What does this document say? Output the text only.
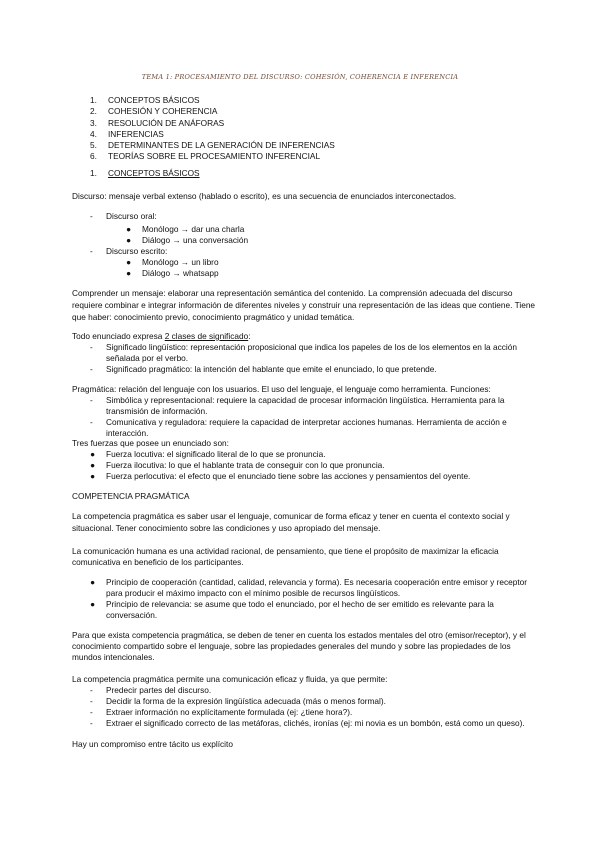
TEMA 1: PROCESAMIENTO DEL DISCURSO: COHESIÓN, COHERENCIA E INFERENCIA
1. CONCEPTOS BÁSICOS
2. COHESIÓN Y COHERENCIA
3. RESOLUCIÓN DE ANÁFORAS
4. INFERENCIAS
5. DETERMINANTES DE LA GENERACIÓN DE INFERENCIAS
6. TEORÍAS SOBRE EL PROCESAMIENTO INFERENCIAL
1. CONCEPTOS BÁSICOS
Discurso: mensaje verbal extenso (hablado o escrito), es una secuencia de enunciados interconectados.
- Discurso oral:
● Monólogo → dar una charla
● Diálogo → una conversación
- Discurso escrito:
● Monólogo → un libro
● Diálogo → whatsapp
Comprender un mensaje: elaborar una representación semántica del contenido. La comprensión adecuada del discurso
requiere combinar e integrar información de diferentes niveles y construir una representación de las ideas que contiene. Tiene
que haber: conocimiento previo, conocimiento pragmático y unidad temática.
Todo enunciado expresa 2 clases de significado:
- Significado lingüístico: representación proposicional que indica los papeles de los de los elementos en la acción
señalada por el verbo.
- Significado pragmático: la intención del hablante que emite el enunciado, lo que pretende.
Pragmática: relación del lenguaje con los usuarios. El uso del lenguaje, el lenguaje como herramienta. Funciones:
- Simbólica y representacional: requiere la capacidad de procesar información lingüística. Herramienta para la
transmisión de información.
- Comunicativa y reguladora: requiere la capacidad de interpretar acciones humanas. Herramienta de acción e
interacción.
Tres fuerzas que posee un enunciado son:
● Fuerza locutiva: el significado literal de lo que se pronuncia.
● Fuerza ilocutiva: lo que el hablante trata de conseguir con lo que pronuncia.
● Fuerza perlocutiva: el efecto que el enunciado tiene sobre las acciones y pensamientos del oyente.
COMPETENCIA PRAGMÁTICA
La competencia pragmática es saber usar el lenguaje, comunicar de forma eficaz y tener en cuenta el contexto social y
situacional. Tener conocimiento sobre las condiciones y uso apropiado del mensaje.
La comunicación humana es una actividad racional, de pensamiento, que tiene el propósito de maximizar la eficacia
comunicativa en beneficio de los participantes.
● Principio de cooperación (cantidad, calidad, relevancia y forma). Es necesaria cooperación entre emisor y receptor
para producir el máximo impacto con el mínimo posible de recursos lingüísticos.
● Principio de relevancia: se asume que todo el enunciado, por el hecho de ser emitido es relevante para la
conversación.
Para que exista competencia pragmática, se deben de tener en cuenta los estados mentales del otro (emisor/receptor), y el
conocimiento compartido sobre el lenguaje, sobre las propiedades generales del mundo y sobre las propiedades de los
mundos intencionales.
La competencia pragmática permite una comunicación eficaz y fluida, ya que permite:
- Predecir partes del discurso.
- Decidir la forma de la expresión lingüística adecuada (más o menos formal).
- Extraer información no explícitamente formulada (ej: ¿tiene hora?).
- Extraer el significado correcto de las metáforas, clichés, ironías (ej: mi novia es un bombón, está como un queso).
Hay un compromiso entre tácito us explícito
